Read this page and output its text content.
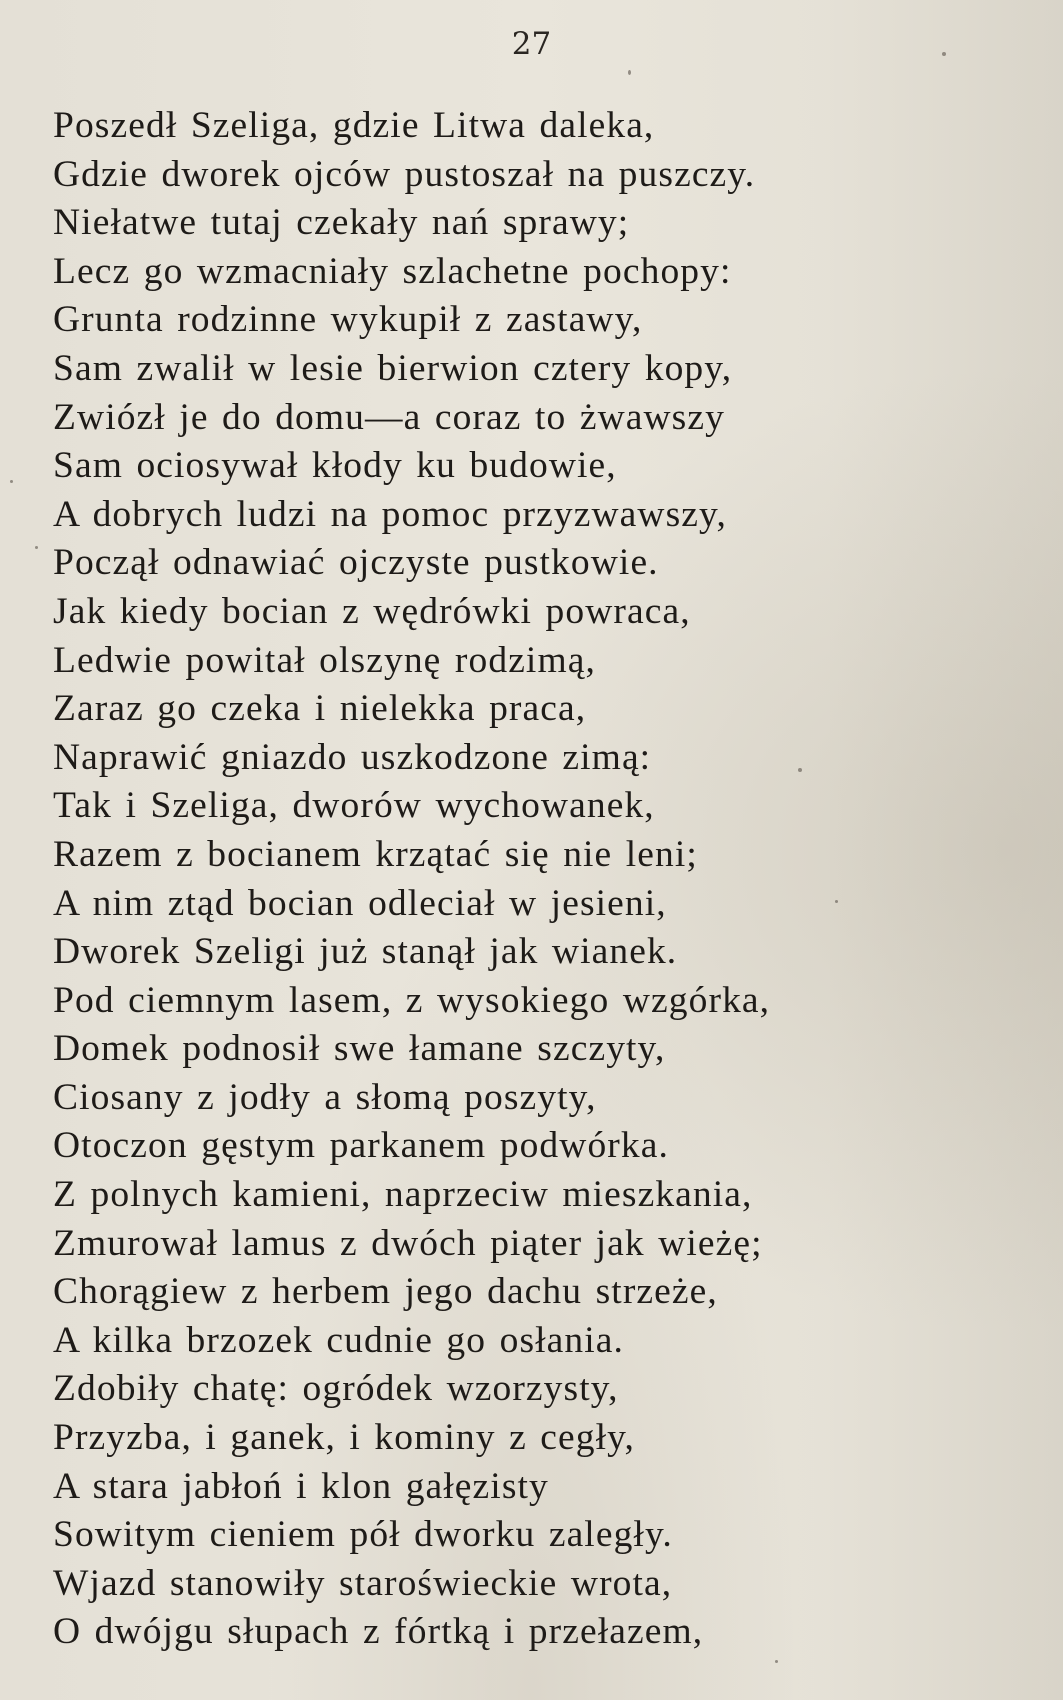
27
Poszedł Szeliga, gdzie Litwa daleka,
Gdzie dworek ojców pustoszał na puszczy.
Niełatwe tutaj czekały nań sprawy;
Lecz go wzmacniały szlachetne pochopy:
Grunta rodzinne wykupił z zastawy,
Sam zwalił w lesie bierwion cztery kopy,
Zwiózł je do domu—a coraz to żwawszy
Sam ociosywał kłody ku budowie,
A dobrych ludzi na pomoc przyzwawszy,
Począł odnawiać ojczyste pustkowie.
Jak kiedy bocian z wędrówki powraca,
Ledwie powitał olszynę rodzimą,
Zaraz go czeka i nielekka praca,
Naprawić gniazdo uszkodzone zimą:
Tak i Szeliga, dworów wychowanek,
Razem z bocianem krzątać się nie leni;
A nim ztąd bocian odleciał w jesieni,
Dworek Szeligi już stanął jak wianek.
Pod ciemnym lasem, z wysokiego wzgórka,
Domek podnosił swe łamane szczyty,
Ciosany z jodły a słomą poszyty,
Otoczon gęstym parkanem podwórka.
Z polnych kamieni, naprzeciw mieszkania,
Zmurował lamus z dwóch piąter jak wieżę;
Chorągiew z herbem jego dachu strzeże,
A kilka brzozek cudnie go osłania.
Zdobiły chatę: ogródek wzorzysty,
Przyzba, i ganek, i kominy z cegły,
A stara jabłoń i klon gałęzisty
Sowitym cieniem pół dworku zaległy.
Wjazd stanowiły staroświeckie wrota,
O dwójgu słupach z fórtką i przełazem,
